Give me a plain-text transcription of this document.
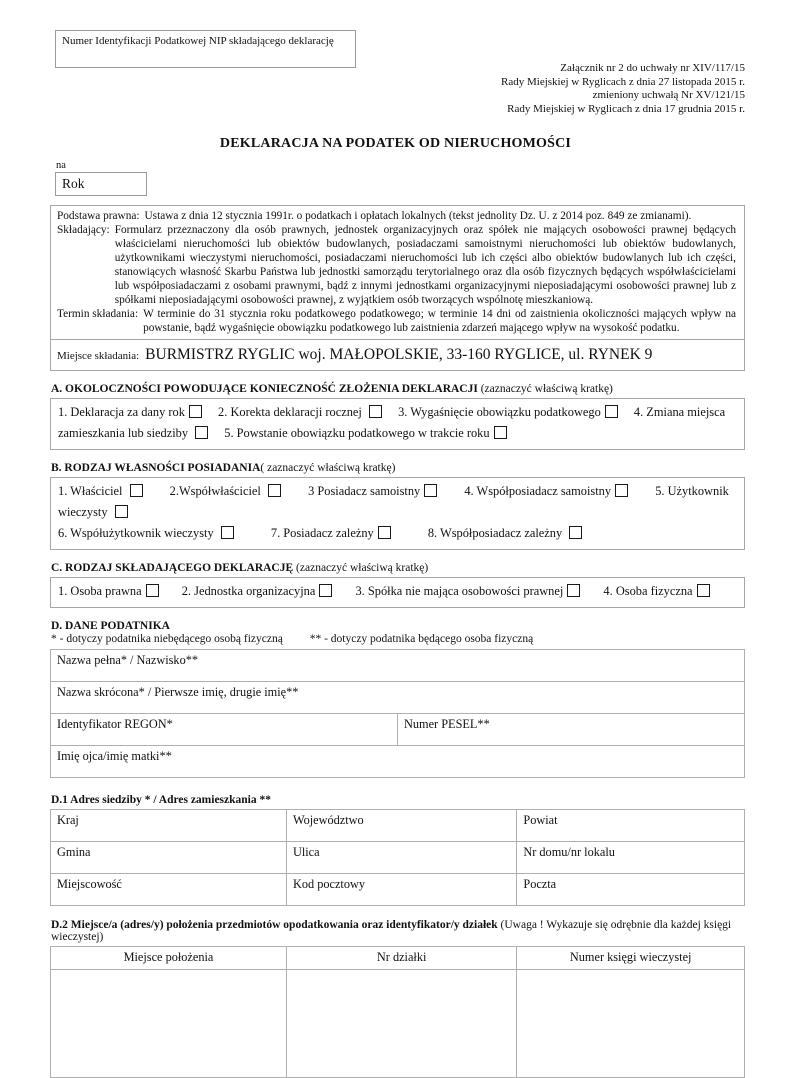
Numer Identyfikacji Podatkowej NIP składającego deklarację
Załącznik nr 2 do uchwały nr XIV/117/15
Rady Miejskiej w Ryglicach z dnia 27 listopada 2015 r.
zmieniony uchwałą Nr XV/121/15
Rady Miejskiej w Ryglicach z dnia 17 grudnia 2015 r.
DEKLARACJA NA PODATEK OD NIERUCHOMOŚCI
na
Rok
Podstawa prawna: Ustawa z dnia 12 stycznia 1991r. o podatkach i opłatach lokalnych (tekst jednolity Dz. U. z 2014 poz. 849 ze zmianami).
Składający: Formularz przeznaczony dla osób prawnych, jednostek organizacyjnych oraz spółek nie mających osobowości prawnej będących właścicielami nieruchomości lub obiektów budowlanych, posiadaczami samoistnymi nieruchomości lub obiektów budowlanych, użytkownikami wieczystymi nieruchomości, posiadaczami nieruchomości lub ich części albo obiektów budowlanych lub ich części, stanowiących własność Skarbu Państwa lub jednostki samorządu terytorialnego oraz dla osób fizycznych będących współwłaścicielami lub współposiadaczami z osobami prawnymi, bądź z innymi jednostkami organizacyjnymi nieposiadającymi osobowości prawnej lub z spółkami nieposiadającymi osobowości prawnej, z wyjątkiem osób tworzących wspólnotę mieszkaniową.
Termin składania: W terminie do 31 stycznia roku podatkowego podatkowego; w terminie 14 dni od zaistnienia okoliczności mających wpływ na powstanie, bądź wygaśnięcie obowiązku podatkowego lub zaistnienia zdarzeń mającego wpływ na wysokość podatku.
Miejsce składania: BURMISTRZ RYGLIC woj. MAŁOPOLSKIE, 33-160 RYGLICE, ul. RYNEK 9
A. OKOLOCZNOŚCI POWODUJĄCE KONIECZNOŚĆ ZŁOŻENIA DEKLARACJI (zaznaczyć właściwą kratkę)
1. Deklaracja za dany rok	2. Korekta deklaracji rocznej	3. Wygaśnięcie obowiązku podatkowego	4. Zmiana miejsca zamieszkania lub siedziby	5. Powstanie obowiązku podatkowego w trakcie roku
B. RODZAJ WŁASNOŚCI POSIADANIA( zaznaczyć właściwą kratkę)
1. Właściciel	2.Współwłaściciel	3 Posiadacz samoistny	4. Współposiadacz samoistny	5. Użytkownik wieczysty
6. Współużytkownik wieczysty	7. Posiadacz zależny	8. Współposiadacz zależny
C. RODZAJ SKŁADAJĄCEGO DEKLARACJĘ (zaznaczyć właściwą kratkę)
1. Osoba prawna	2. Jednostka organizacyjna	3. Spółka nie mająca osobowości prawnej	4. Osoba fizyczna
D. DANE PODATNIKA
* - dotyczy podatnika niebędącego osobą fizyczną ** - dotyczy podatnika będącego osoba fizyczną
Nazwa pełna* / Nazwisko**
Nazwa skrócona* / Pierwsze imię, drugie imię**
Identyfikator REGON*	Numer PESEL**
Imię ojca/imię matki**
D.1 Adres siedziby * / Adres zamieszkania **
Kraj	Województwo	Powiat
Gmina	Ulica	Nr domu/nr lokalu
Miejscowość	Kod pocztowy	Poczta
D.2 Miejsce/a (adres/y) położenia przedmiotów opodatkowania oraz identyfikator/y działek (Uwaga ! Wykazuje się odrębnie dla każdej księgi wieczystej)
Miejsce położenia	Nr działki	Numer księgi wieczystej
